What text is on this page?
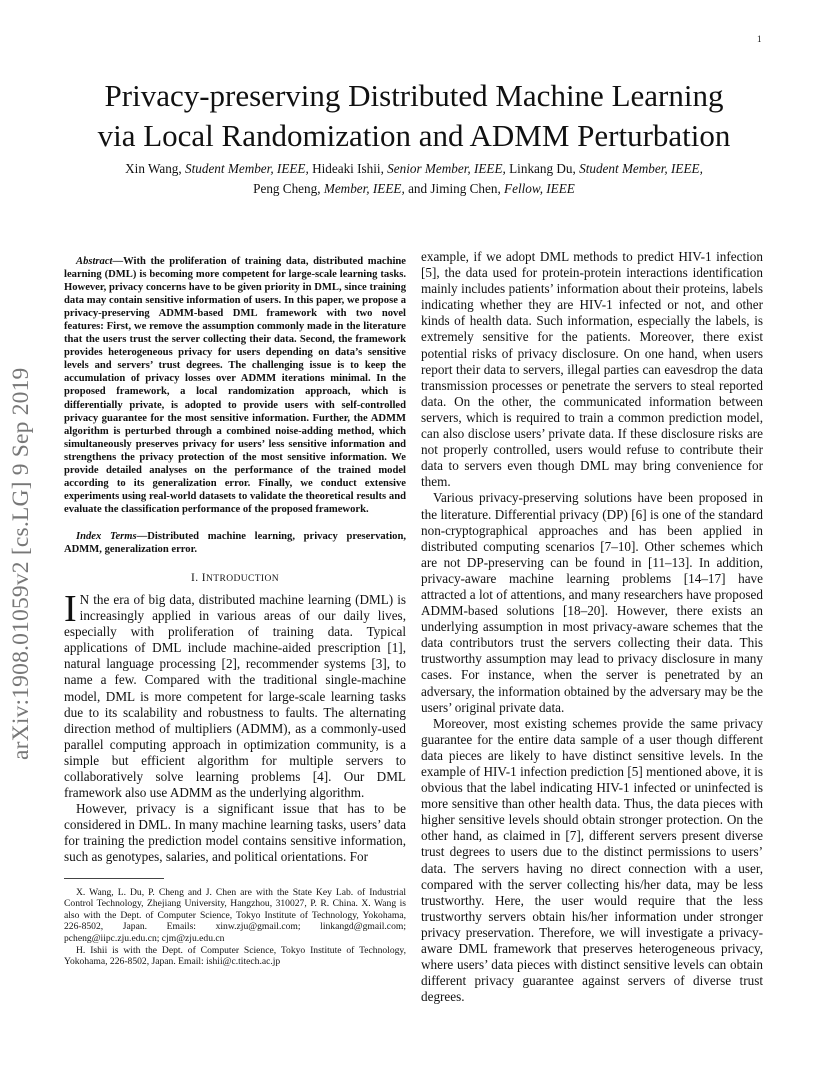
1
arXiv:1908.01059v2 [cs.LG] 9 Sep 2019
Privacy-preserving Distributed Machine Learning
via Local Randomization and ADMM Perturbation
Xin Wang, Student Member, IEEE, Hideaki Ishii, Senior Member, IEEE, Linkang Du, Student Member, IEEE,
Peng Cheng, Member, IEEE, and Jiming Chen, Fellow, IEEE

Abstract—With the proliferation of training data, distributed machine learning (DML) is becoming more competent for large-scale learning tasks. However, privacy concerns have to be given priority in DML, since training data may contain sensitive information of users. In this paper, we propose a privacy-preserving ADMM-based DML framework with two novel features: First, we remove the assumption commonly made in the literature that the users trust the server collecting their data. Second, the framework provides heterogeneous privacy for users depending on data’s sensitive levels and servers’ trust degrees. The challenging issue is to keep the accumulation of privacy losses over ADMM iterations minimal. In the proposed framework, a local randomization approach, which is differentially private, is adopted to provide users with self-controlled privacy guarantee for the most sensitive information. Further, the ADMM algorithm is perturbed through a combined noise-adding method, which simultaneously preserves privacy for users’ less sensitive information and strengthens the privacy protection of the most sensitive information. We provide detailed analyses on the performance of the trained model according to its generalization error. Finally, we conduct extensive experiments using real-world datasets to validate the theoretical results and evaluate the classification performance of the proposed framework.

Index Terms—Distributed machine learning, privacy preservation, ADMM, generalization error.

I. INTRODUCTION

I N the era of big data, distributed machine learning (DML) is increasingly applied in various areas of our daily lives, especially with proliferation of training data. Typical applications of DML include machine-aided prescription [1], natural language processing [2], recommender systems [3], to name a few. Compared with the traditional single-machine model, DML is more competent for large-scale learning tasks due to its scalability and robustness to faults. The alternating direction method of multipliers (ADMM), as a commonly-used parallel computing approach in optimization community, is a simple but efficient algorithm for multiple servers to collaboratively solve learning problems [4]. Our DML framework also use ADMM as the underlying algorithm.

However, privacy is a significant issue that has to be considered in DML. In many machine learning tasks, users’ data for training the prediction model contains sensitive information, such as genotypes, salaries, and political orientations. For

X. Wang, L. Du, P. Cheng and J. Chen are with the State Key Lab. of Industrial Control Technology, Zhejiang University, Hangzhou, 310027, P. R. China. X. Wang is also with the Dept. of Computer Science, Tokyo Institute of Technology, Yokohama, 226-8502, Japan. Emails: xinw.zju@gmail.com; linkangd@gmail.com; pcheng@iipc.zju.edu.cn; cjm@zju.edu.cn

H. Ishii is with the Dept. of Computer Science, Tokyo Institute of Technology, Yokohama, 226-8502, Japan. Email: ishii@c.titech.ac.jp

example, if we adopt DML methods to predict HIV-1 infection [5], the data used for protein-protein interactions identification mainly includes patients’ information about their proteins, labels indicating whether they are HIV-1 infected or not, and other kinds of health data. Such information, especially the labels, is extremely sensitive for the patients. Moreover, there exist potential risks of privacy disclosure. On one hand, when users report their data to servers, illegal parties can eavesdrop the data transmission processes or penetrate the servers to steal reported data. On the other, the communicated information between servers, which is required to train a common prediction model, can also disclose users’ private data. If these disclosure risks are not properly controlled, users would refuse to contribute their data to servers even though DML may bring convenience for them.

Various privacy-preserving solutions have been proposed in the literature. Differential privacy (DP) [6] is one of the standard non-cryptographical approaches and has been applied in distributed computing scenarios [7–10]. Other schemes which are not DP-preserving can be found in [11–13]. In addition, privacy-aware machine learning problems [14–17] have attracted a lot of attentions, and many researchers have proposed ADMM-based solutions [18–20]. However, there exists an underlying assumption in most privacy-aware schemes that the data contributors trust the servers collecting their data. This trustworthy assumption may lead to privacy disclosure in many cases. For instance, when the server is penetrated by an adversary, the information obtained by the adversary may be the users’ original private data.

Moreover, most existing schemes provide the same privacy guarantee for the entire data sample of a user though different data pieces are likely to have distinct sensitive levels. In the example of HIV-1 infection prediction [5] mentioned above, it is obvious that the label indicating HIV-1 infected or uninfected is more sensitive than other health data. Thus, the data pieces with higher sensitive levels should obtain stronger protection. On the other hand, as claimed in [7], different servers present diverse trust degrees to users due to the distinct permissions to users’ data. The servers having no direct connection with a user, compared with the server collecting his/her data, may be less trustworthy. Here, the user would require that the less trustworthy servers obtain his/her information under stronger privacy preservation. Therefore, we will investigate a privacy-aware DML framework that preserves heterogeneous privacy, where users’ data pieces with distinct sensitive levels can obtain different privacy guarantee against servers of diverse trust degrees.
